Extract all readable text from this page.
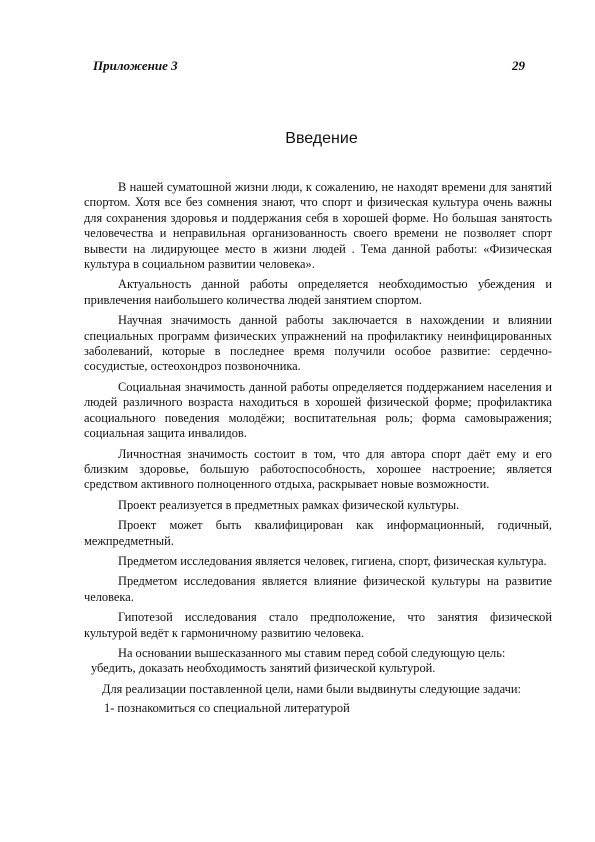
Приложение 3	29
Введение

В нашей суматошной жизни люди, к сожалению, не находят времени для занятий спортом. Хотя все без сомнения знают, что спорт и физическая культура очень важны для сохранения здоровья и поддержания себя в хорошей форме. Но большая занятость человечества и неправильная организованность своего времени не позволяет спорт вывести на лидирующее место в жизни людей . Тема данной работы: «Физическая культура в социальном развитии человека».

Актуальность данной работы определяется необходимостью убеждения и привлечения наибольшего количества людей занятием спортом.

Научная значимость данной работы заключается в нахождении и влиянии специальных программ физических упражнений на профилактику неинфицированных заболеваний, которые в последнее время получили особое развитие: сердечно-сосудистые, остеохондроз позвоночника.

Социальная значимость данной работы определяется поддержанием населения и людей различного возраста находиться в хорошей физической форме; профилактика асоциального поведения молодёжи; воспитательная роль; форма самовыражения; социальная защита инвалидов.

Личностная значимость состоит в том, что для автора спорт даёт ему и его близким здоровье, большую работоспособность, хорошее настроение; является средством активного полноценного отдыха, раскрывает новые возможности.

Проект реализуется в предметных рамках физической культуры.

Проект может быть квалифицирован как информационный, годичный, межпредметный.

Предметом исследования является человек, гигиена, спорт, физическая культура.

Предметом исследования является влияние физической культуры на развитие человека.

Гипотезой исследования стало предположение, что занятия физической культурой ведёт к гармоничному развитию человека.

На основании вышесказанного мы ставим перед собой следующую цель:
убедить, доказать необходимость занятий физической культурой.

Для реализации поставленной цели, нами были выдвинуты следующие задачи:

1- познакомиться со специальной литературой
